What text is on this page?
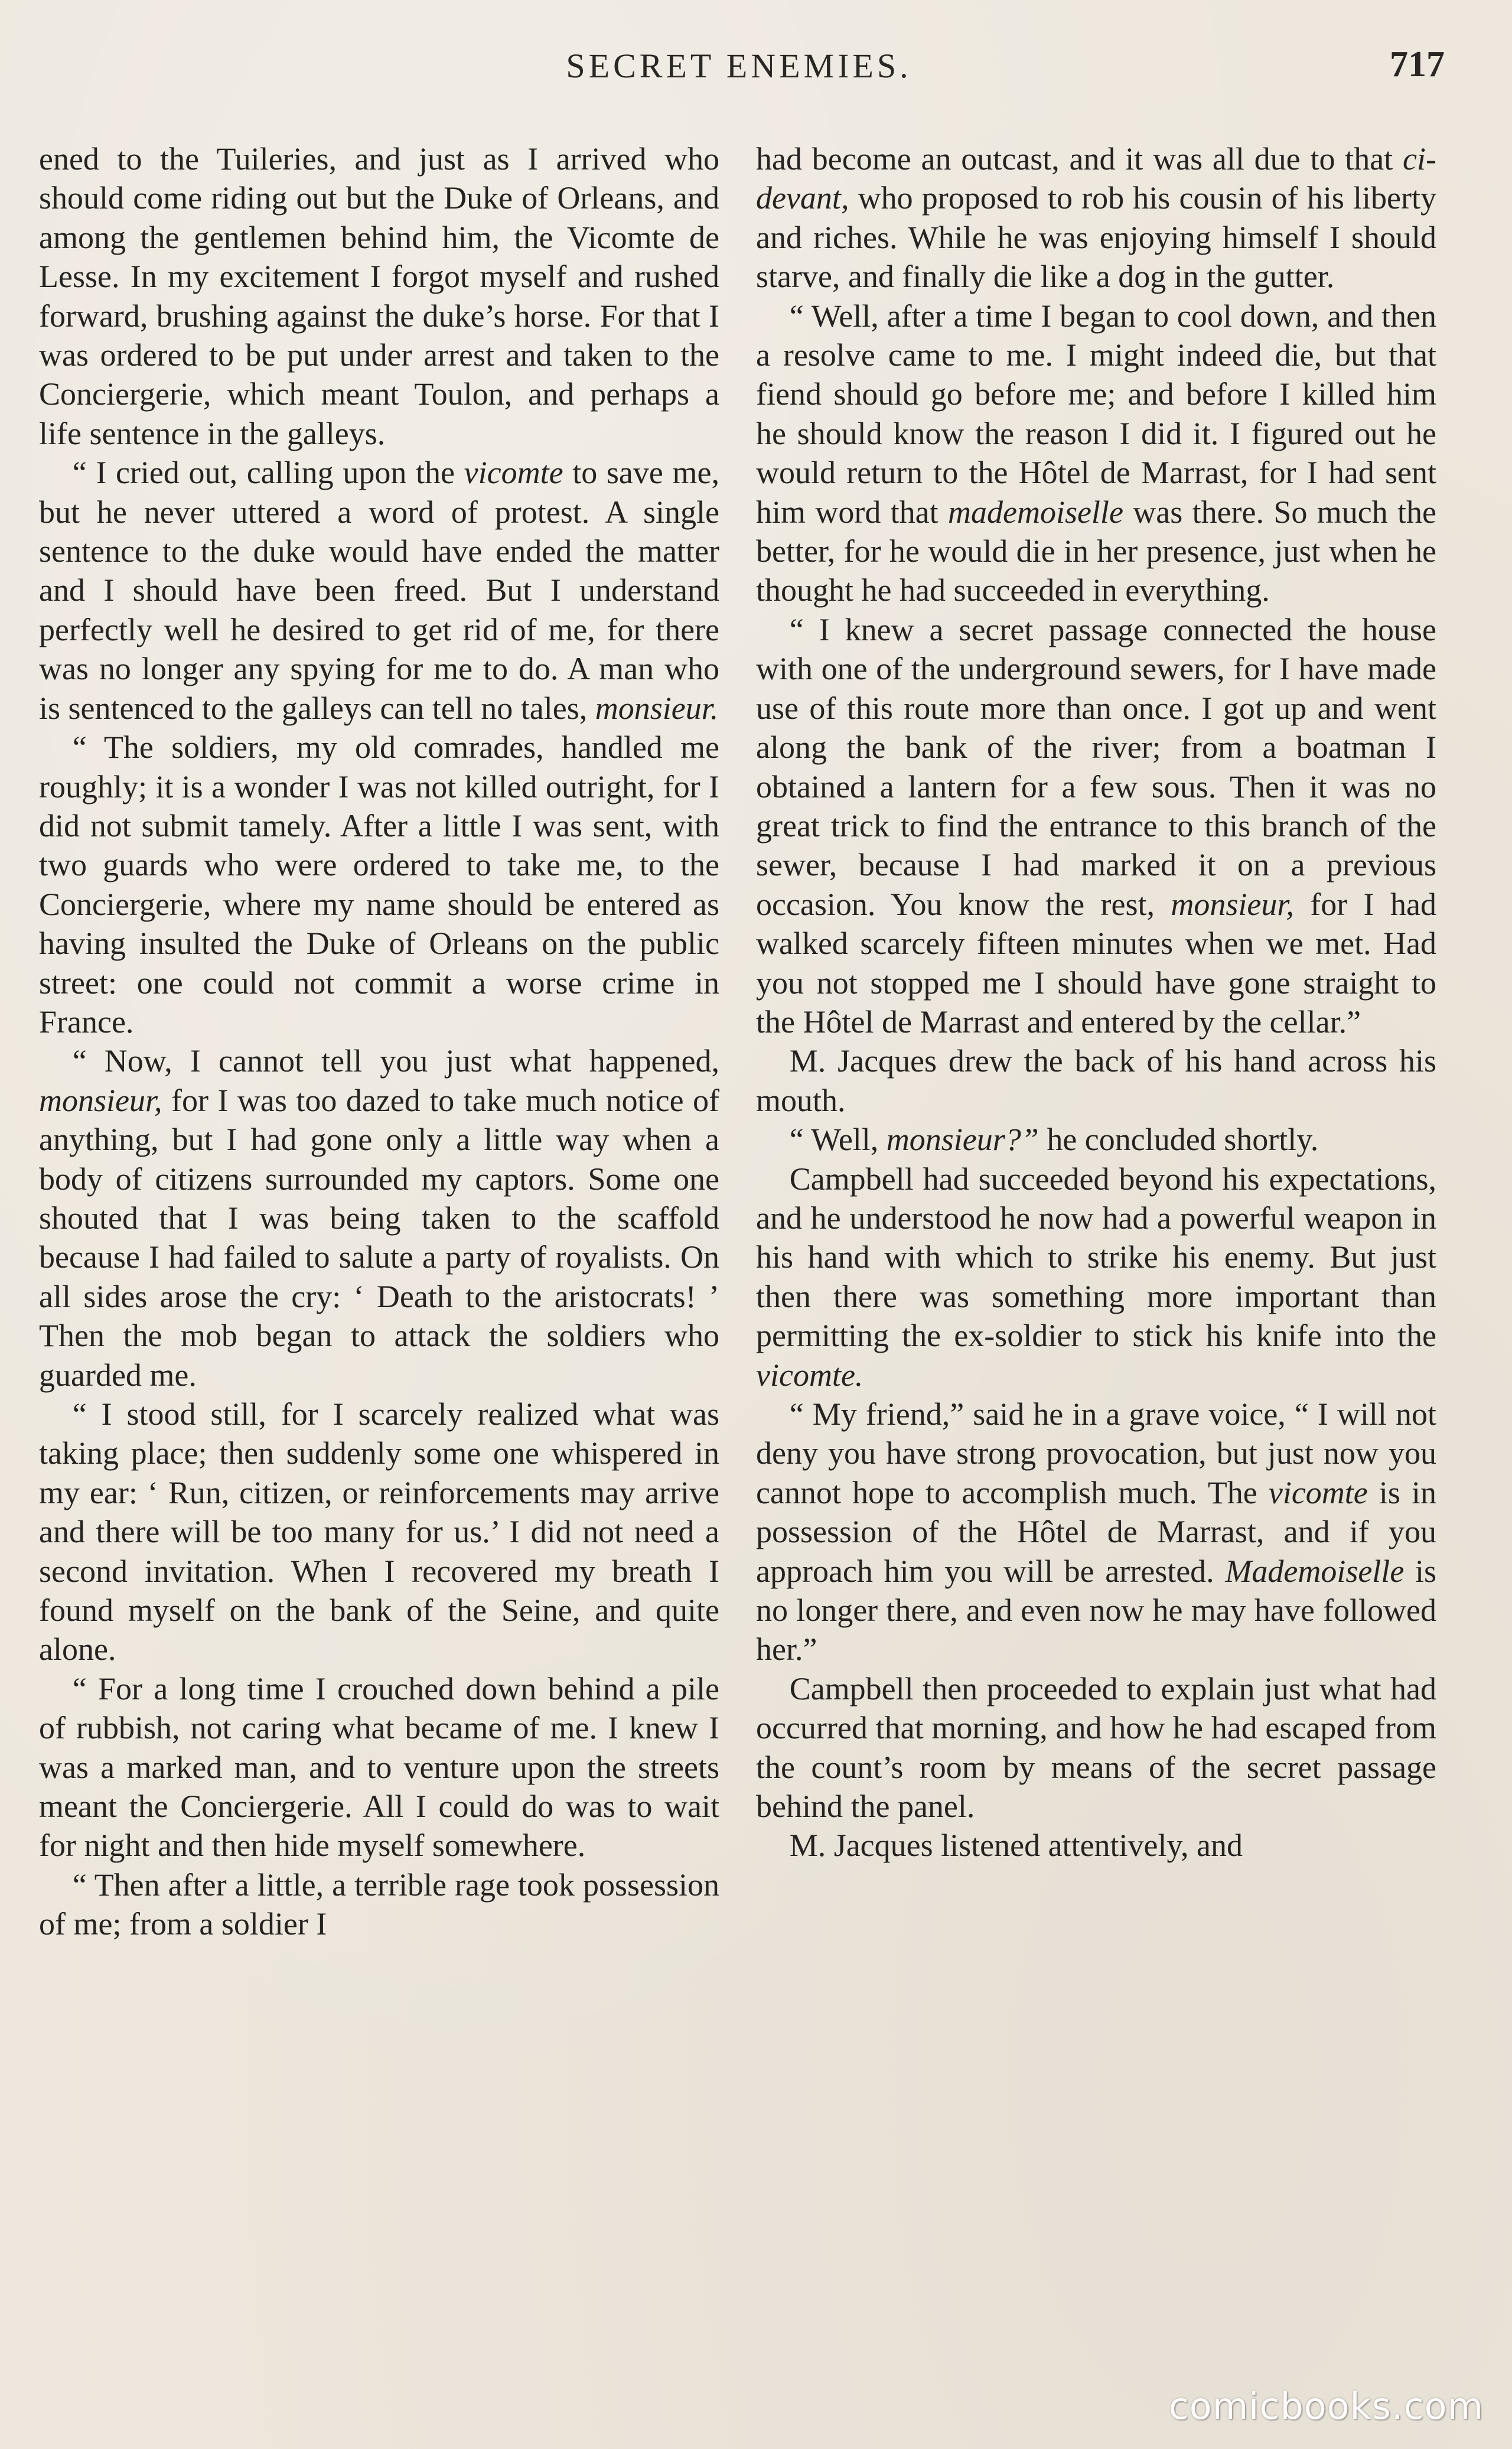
SECRET ENEMIES.	717

ened to the Tuileries, and just as I arrived who should come riding out but the Duke of Orleans, and among the gentlemen behind him, the Vicomte de Lesse. In my excitement I forgot myself and rushed forward, brushing against the duke’s horse. For that I was ordered to be put under arrest and taken to the Conciergerie, which meant Toulon, and perhaps a life sentence in the galleys.

“ I cried out, calling upon the vicomte to save me, but he never uttered a word of protest. A single sentence to the duke would have ended the matter and I should have been freed. But I understand perfectly well he desired to get rid of me, for there was no longer any spying for me to do. A man who is sentenced to the galleys can tell no tales, monsieur.

“ The soldiers, my old comrades, handled me roughly; it is a wonder I was not killed outright, for I did not submit tamely. After a little I was sent, with two guards who were ordered to take me, to the Conciergerie, where my name should be entered as having insulted the Duke of Orleans on the public street: one could not commit a worse crime in France.

“ Now, I cannot tell you just what happened, monsieur, for I was too dazed to take much notice of anything, but I had gone only a little way when a body of citizens surrounded my captors. Some one shouted that I was being taken to the scaffold because I had failed to salute a party of royalists. On all sides arose the cry: ‘ Death to the aristocrats! ’ Then the mob began to attack the soldiers who guarded me.

“ I stood still, for I scarcely realized what was taking place; then suddenly some one whispered in my ear: ‘ Run, citizen, or reinforcements may arrive and there will be too many for us.’ I did not need a second invitation. When I recovered my breath I found myself on the bank of the Seine, and quite alone.

“ For a long time I crouched down behind a pile of rubbish, not caring what became of me. I knew I was a marked man, and to venture upon the streets meant the Conciergerie. All I could do was to wait for night and then hide myself somewhere.

“ Then after a little, a terrible rage took possession of me; from a soldier I

had become an outcast, and it was all due to that ci-devant, who proposed to rob his cousin of his liberty and riches. While he was enjoying himself I should starve, and finally die like a dog in the gutter.

“ Well, after a time I began to cool down, and then a resolve came to me. I might indeed die, but that fiend should go before me; and before I killed him he should know the reason I did it. I figured out he would return to the Hôtel de Marrast, for I had sent him word that mademoiselle was there. So much the better, for he would die in her presence, just when he thought he had succeeded in everything.

“ I knew a secret passage connected the house with one of the underground sewers, for I have made use of this route more than once. I got up and went along the bank of the river; from a boatman I obtained a lantern for a few sous. Then it was no great trick to find the entrance to this branch of the sewer, because I had marked it on a previous occasion. You know the rest, monsieur, for I had walked scarcely fifteen minutes when we met. Had you not stopped me I should have gone straight to the Hôtel de Marrast and entered by the cellar.”

M. Jacques drew the back of his hand across his mouth.

“ Well, monsieur?” he concluded shortly.

Campbell had succeeded beyond his expectations, and he understood he now had a powerful weapon in his hand with which to strike his enemy. But just then there was something more important than permitting the ex-soldier to stick his knife into the vicomte.

“ My friend,” said he in a grave voice, “ I will not deny you have strong provocation, but just now you cannot hope to accomplish much. The vicomte is in possession of the Hôtel de Marrast, and if you approach him you will be arrested. Mademoiselle is no longer there, and even now he may have followed her.”

Campbell then proceeded to explain just what had occurred that morning, and how he had escaped from the count’s room by means of the secret passage behind the panel.

M. Jacques listened attentively, and

comicbooks.com
